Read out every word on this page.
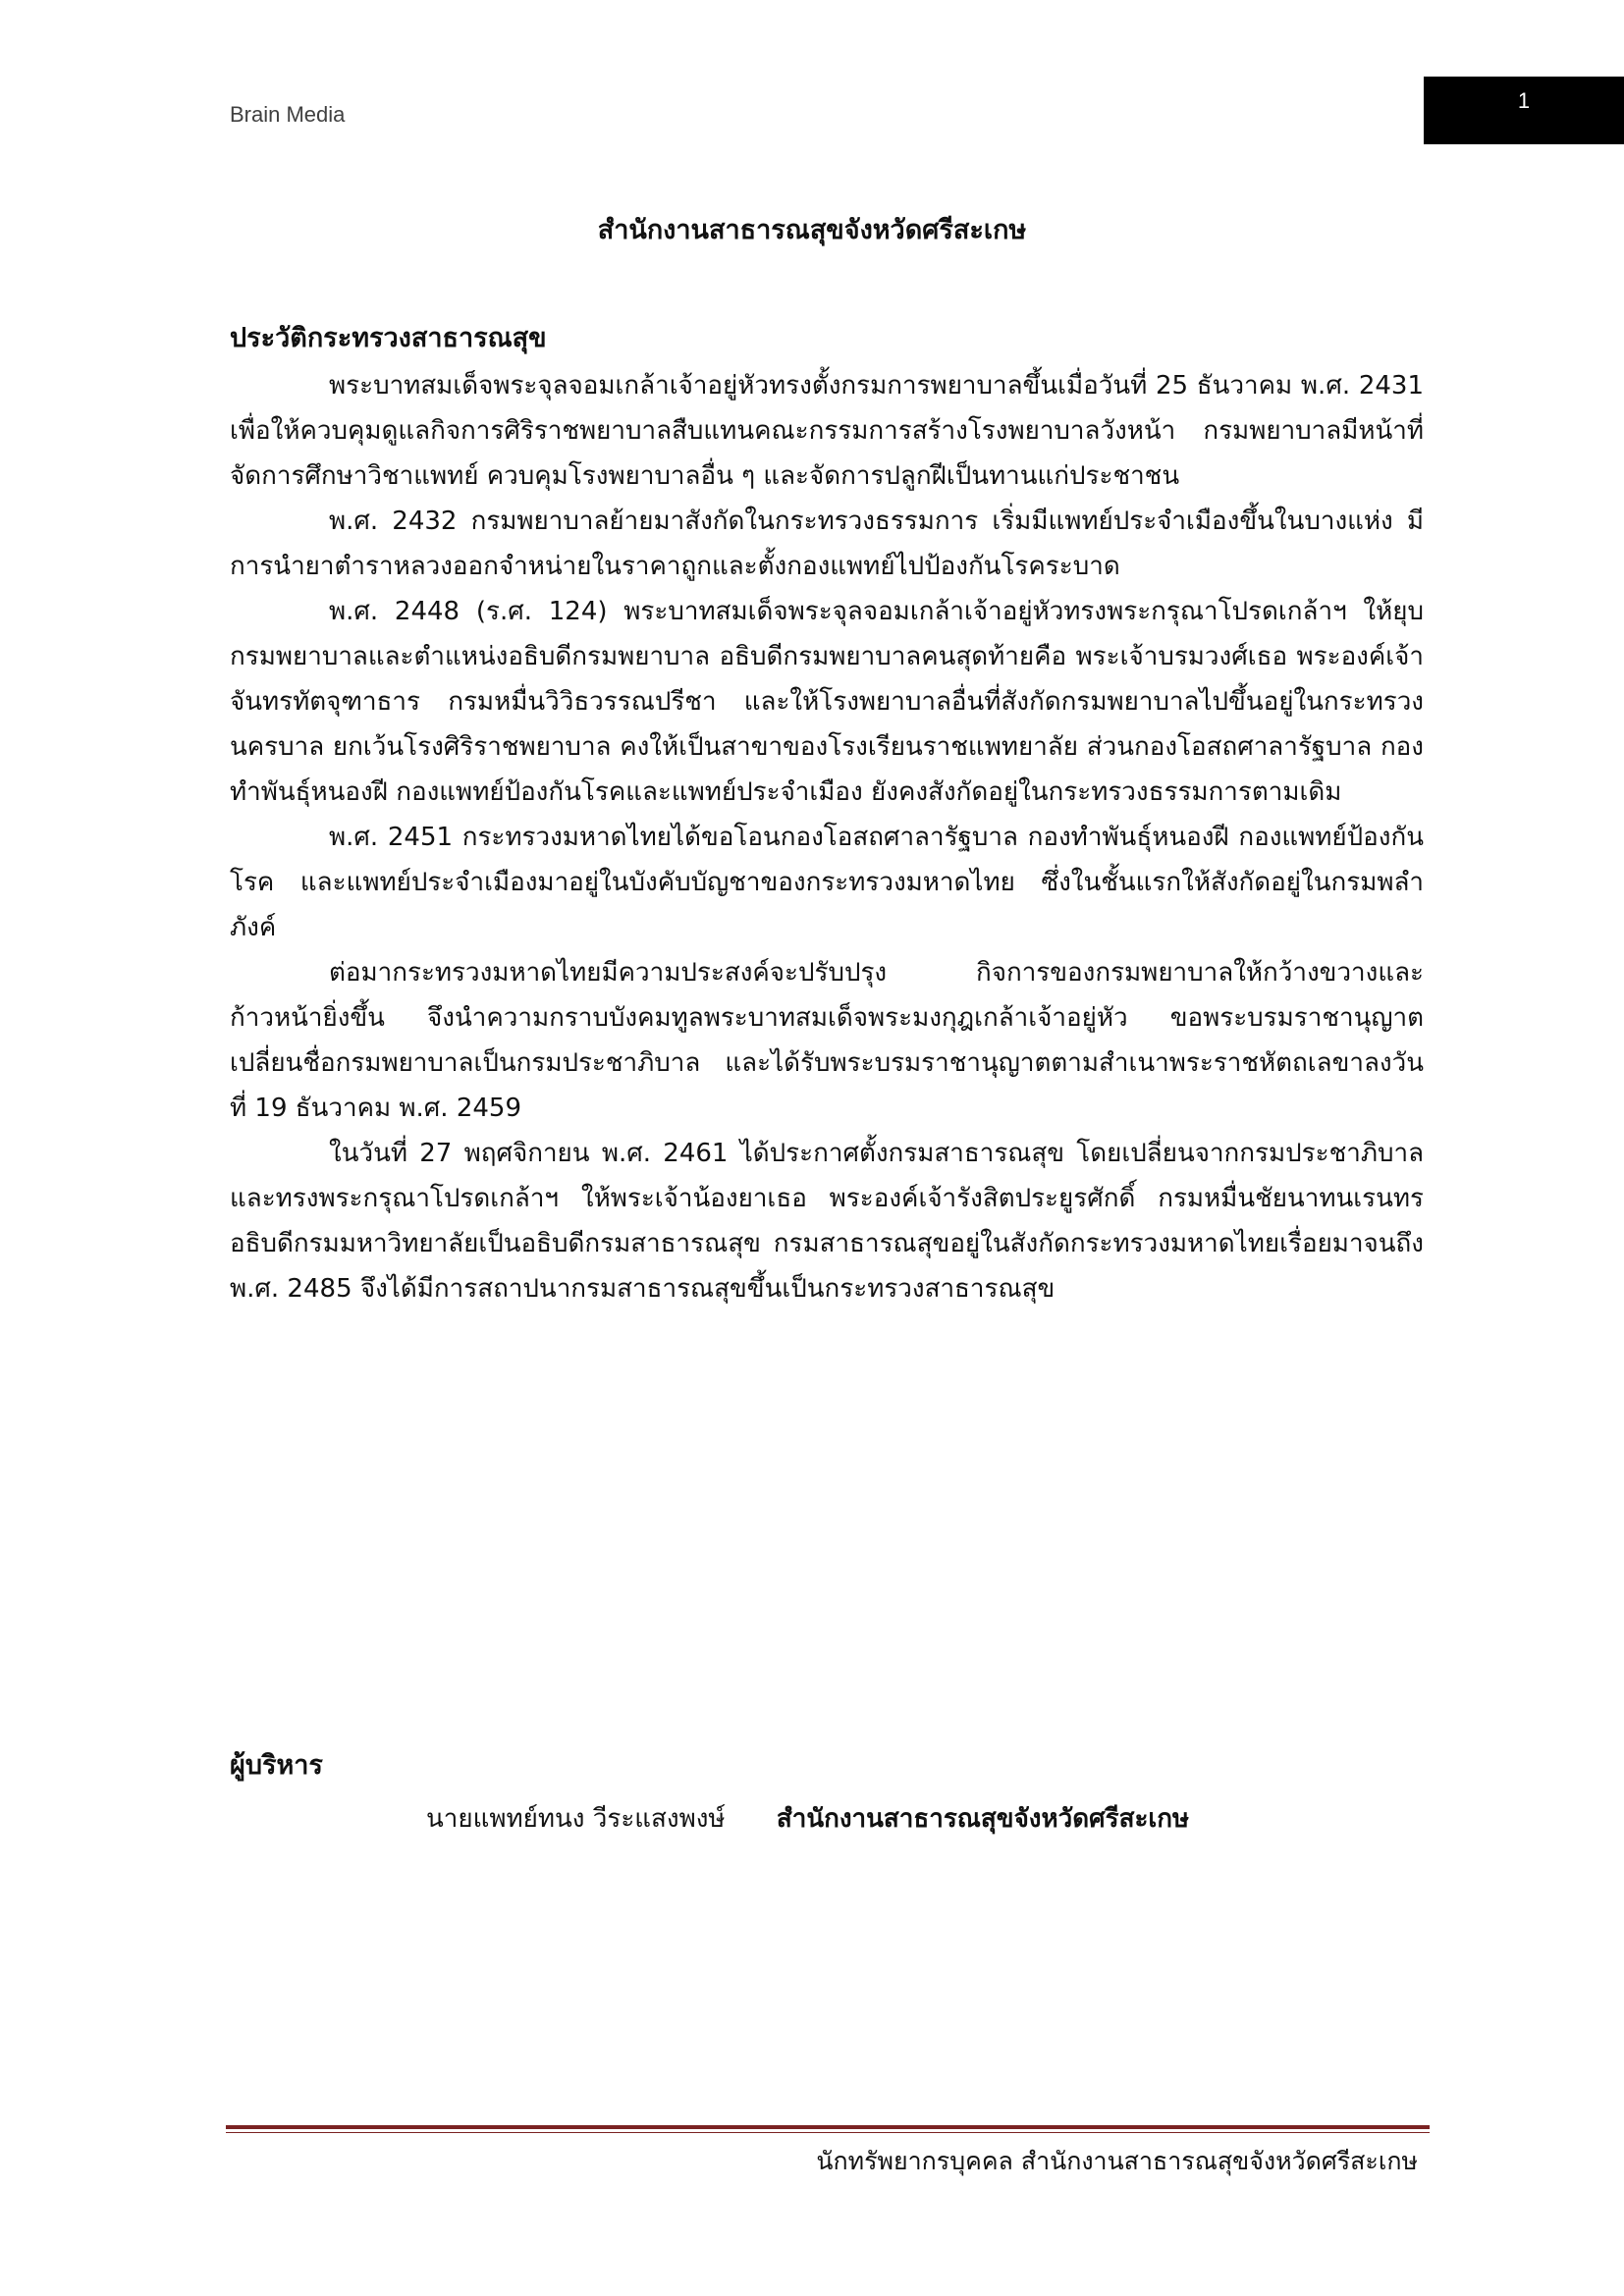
Brain Media
1
สำนักงานสาธารณสุขจังหวัดศรีสะเกษ
ประวัติกระทรวงสาธารณสุข

พระบาทสมเด็จพระจุลจอมเกล้าเจ้าอยู่หัวทรงตั้งกรมการพยาบาลขึ้นเมื่อวันที่ 25 ธันวาคม พ.ศ. 2431 เพื่อให้ควบคุมดูแลกิจการศิริราชพยาบาลสืบแทนคณะกรรมการสร้างโรงพยาบาลวังหน้า กรมพยาบาลมีหน้าที่จัดการศึกษาวิชาแพทย์ ควบคุมโรงพยาบาลอื่น ๆ และจัดการปลูกฝีเป็นทานแก่ประชาชน

พ.ศ. 2432 กรมพยาบาลย้ายมาสังกัดในกระทรวงธรรมการ เริ่มมีแพทย์ประจำเมืองขึ้นในบางแห่ง มีการนำยาตำราหลวงออกจำหน่ายในราคาถูกและตั้งกองแพทย์ไปป้องกันโรคระบาด

พ.ศ. 2448 (ร.ศ. 124) พระบาทสมเด็จพระจุลจอมเกล้าเจ้าอยู่หัวทรงพระกรุณาโปรดเกล้าฯ ให้ยุบกรมพยาบาลและตำแหน่งอธิบดีกรมพยาบาล อธิบดีกรมพยาบาลคนสุดท้ายคือ พระเจ้าบรมวงศ์เธอ พระองค์เจ้าจันทรทัตจุฑาธาร กรมหมื่นวิวิธวรรณปรีชา และให้โรงพยาบาลอื่นที่สังกัดกรมพยาบาลไปขึ้นอยู่ในกระทรวงนครบาล ยกเว้นโรงศิริราชพยาบาล คงให้เป็นสาขาของโรงเรียนราชแพทยาลัย ส่วนกองโอสถศาลารัฐบาล กองทำพันธุ์หนองฝี กองแพทย์ป้องกันโรคและแพทย์ประจำเมือง ยังคงสังกัดอยู่ในกระทรวงธรรมการตามเดิม

พ.ศ. 2451 กระทรวงมหาดไทยได้ขอโอนกองโอสถศาลารัฐบาล กองทำพันธุ์หนองฝี กองแพทย์ป้องกันโรค และแพทย์ประจำเมืองมาอยู่ในบังคับบัญชาของกระทรวงมหาดไทย ซึ่งในชั้นแรกให้สังกัดอยู่ในกรมพลำภังค์

ต่อมากระทรวงมหาดไทยมีความประสงค์จะปรับปรุง กิจการของกรมพยาบาลให้กว้างขวางและก้าวหน้ายิ่งขึ้น จึงนำความกราบบังคมทูลพระบาทสมเด็จพระมงกุฎเกล้าเจ้าอยู่หัว ขอพระบรมราชานุญาตเปลี่ยนชื่อกรมพยาบาลเป็นกรมประชาภิบาล และได้รับพระบรมราชานุญาตตามสำเนาพระราชหัตถเลขาลงวันที่ 19 ธันวาคม พ.ศ. 2459

ในวันที่ 27 พฤศจิกายน พ.ศ. 2461 ได้ประกาศตั้งกรมสาธารณสุข โดยเปลี่ยนจากกรมประชาภิบาล และทรงพระกรุณาโปรดเกล้าฯ ให้พระเจ้าน้องยาเธอ พระองค์เจ้ารังสิตประยูรศักดิ์ กรมหมื่นชัยนาทนเรนทร อธิบดีกรมมหาวิทยาลัยเป็นอธิบดีกรมสาธารณสุข กรมสาธารณสุขอยู่ในสังกัดกระทรวงมหาดไทยเรื่อยมาจนถึง พ.ศ. 2485 จึงได้มีการสถาปนากรมสาธารณสุขขึ้นเป็นกระทรวงสาธารณสุข

ผู้บริหาร
นายแพทย์ทนง วีระแสงพงษ์ สำนักงานสาธารณสุขจังหวัดศรีสะเกษ
นักทรัพยากรบุคคล สำนักงานสาธารณสุขจังหวัดศรีสะเกษ
